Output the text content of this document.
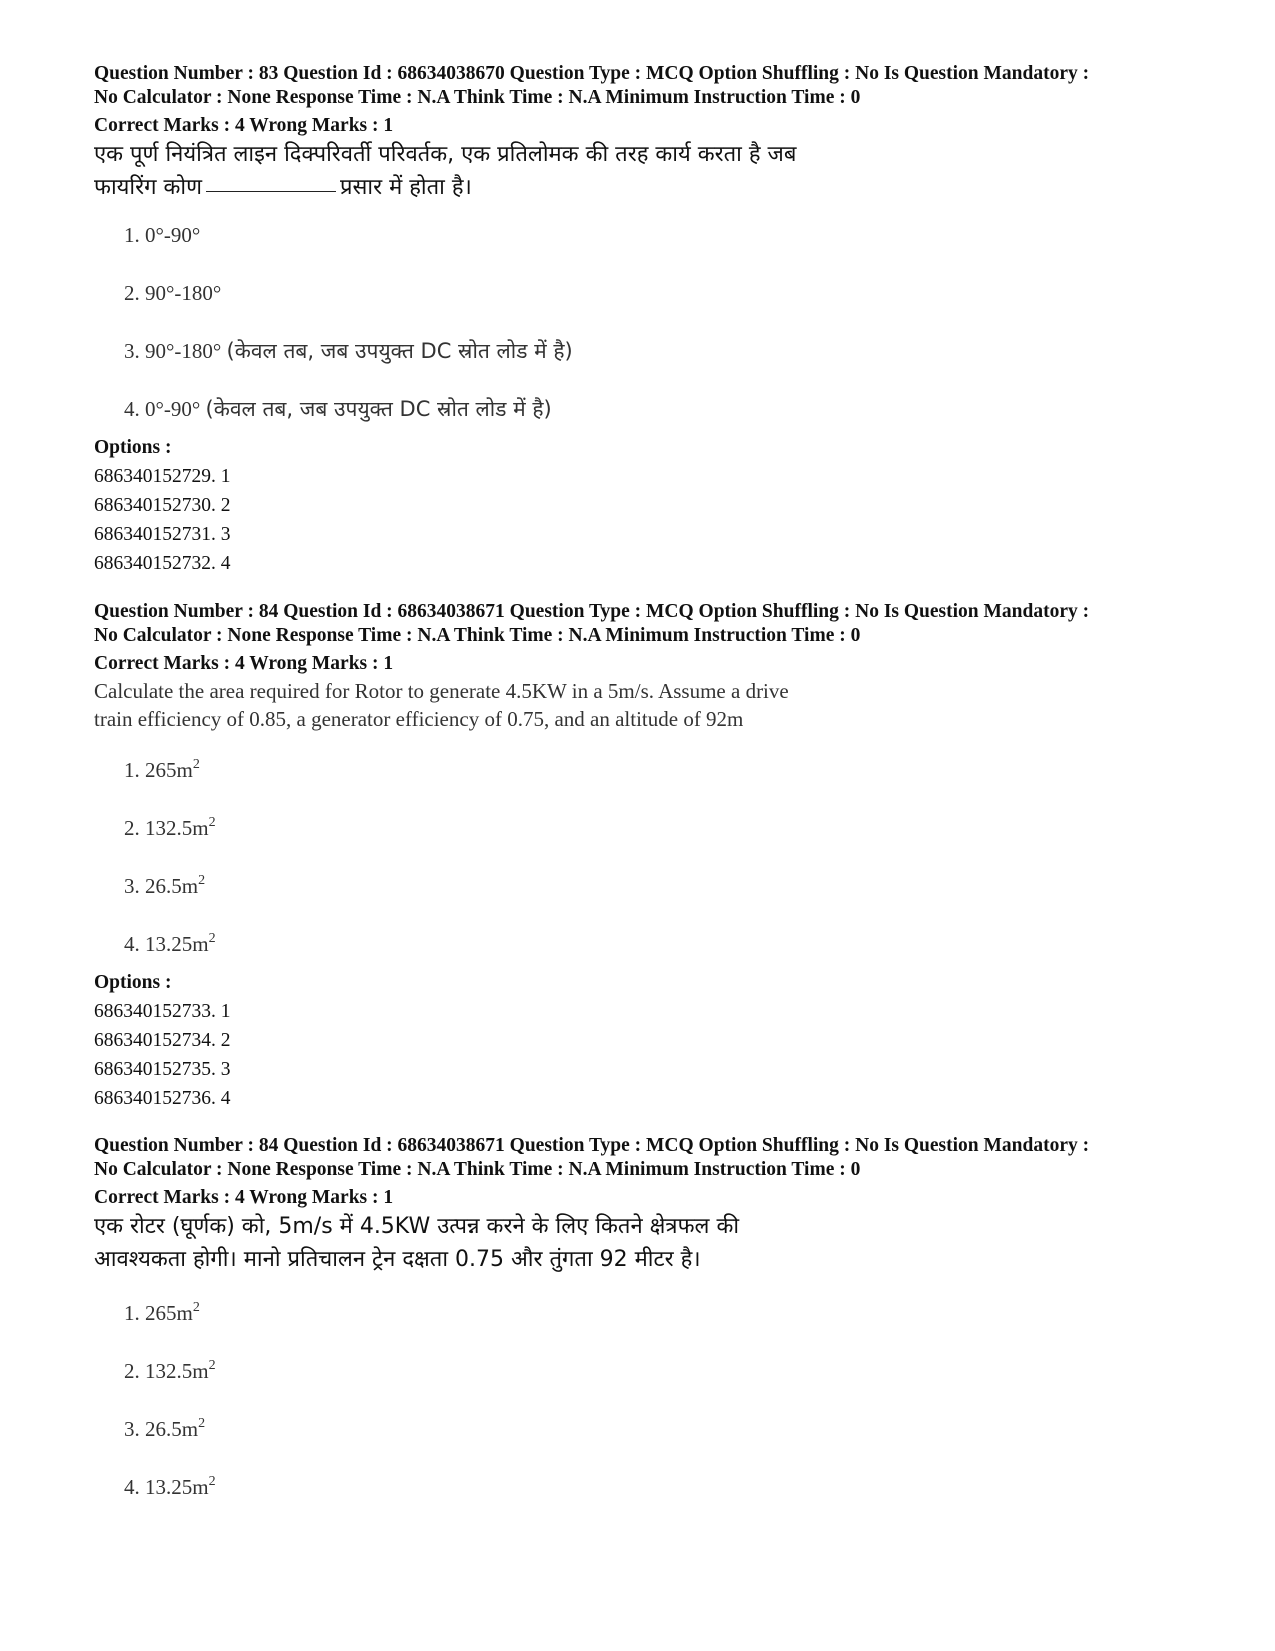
Question Number : 83 Question Id : 68634038670 Question Type : MCQ Option Shuffling : No Is Question Mandatory :
No Calculator : None Response Time : N.A Think Time : N.A Minimum Instruction Time : 0
Correct Marks : 4 Wrong Marks : 1
एक पूर्ण नियंत्रित लाइन दिक्परिवर्ती परिवर्तक, एक प्रतिलोमक की तरह कार्य करता है जब
फायरिंग कोण	प्रसार में होता है।
1. 0°-90°
2. 90°-180°
3. 90°-180° (केवल तब, जब उपयुक्त DC स्रोत लोड में है)
4. 0°-90° (केवल तब, जब उपयुक्त DC स्रोत लोड में है)
Options :
686340152729. 1
686340152730. 2
686340152731. 3
686340152732. 4
Question Number : 84 Question Id : 68634038671 Question Type : MCQ Option Shuffling : No Is Question Mandatory :
No Calculator : None Response Time : N.A Think Time : N.A Minimum Instruction Time : 0
Correct Marks : 4 Wrong Marks : 1
Calculate the area required for Rotor to generate 4.5KW in a 5m/s. Assume a drive
train efficiency of 0.85, a generator efficiency of 0.75, and an altitude of 92m
1. $265m^2$
2. $132.5m^2$
3. $26.5m^2$
4. $13.25m^2$
Options :
686340152733. 1
686340152734. 2
686340152735. 3
686340152736. 4
Question Number : 84 Question Id : 68634038671 Question Type : MCQ Option Shuffling : No Is Question Mandatory :
No Calculator : None Response Time : N.A Think Time : N.A Minimum Instruction Time : 0
Correct Marks : 4 Wrong Marks : 1
एक रोटर (घूर्णक) को, 5m/s में 4.5KW उत्पन्न करने के लिए कितने क्षेत्रफल की
आवश्यकता होगी। मानो प्रतिचालन ट्रेन दक्षता 0.75 और तुंगता 92 मीटर है।
1. $265m^2$
2. $132.5m^2$
3. $26.5m^2$
4. $13.25m^2$
